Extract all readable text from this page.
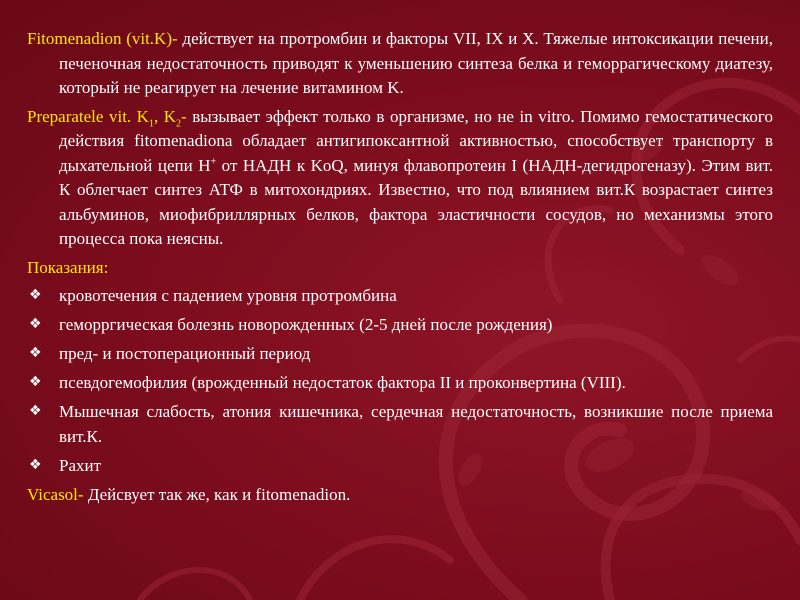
Fitomenadion (vit.K)- действует на протромбин и факторы VII, IX и X. Тяжелые интоксикации печени, печеночная недостаточность приводят к уменьшению синтеза белка и геморрагическому диатезу, который не реагирует на лечение витамином K.

Preparatele vit. $K_1$, $K_2-$ вызывает эффект только в организме, но не in vitro. Помимо гемостатического действия fitomenadiona обладает антигипоксантной активностью, способствует транспорту в дыхательной цепи H+ от НАДН к KoQ, минуя флавопротеин I (НАДН-дегидрогеназу). Этим вит. К облегчает синтез АТФ в митохондриях. Известно, что под влиянием вит.К возрастает синтез альбуминов, миофибриллярных белков, фактора эластичности сосудов, но механизмы этого процесса пока неясны.

Показания:
❖ кровотечения с падением уровня протромбина
❖ геморргическая болезнь новорожденных (2-5 дней после рождения)
❖ пред- и постоперационный период
❖ псевдогемофилия (врожденный недостаток фактора II и проконвертина (VIII).
❖ Мышечная слабость, атония кишечника, сердечная недостаточность, возникшие после приема вит.К.
❖ Рахит
Vicasol- Дейсвует так же, как и fitomenadion.
